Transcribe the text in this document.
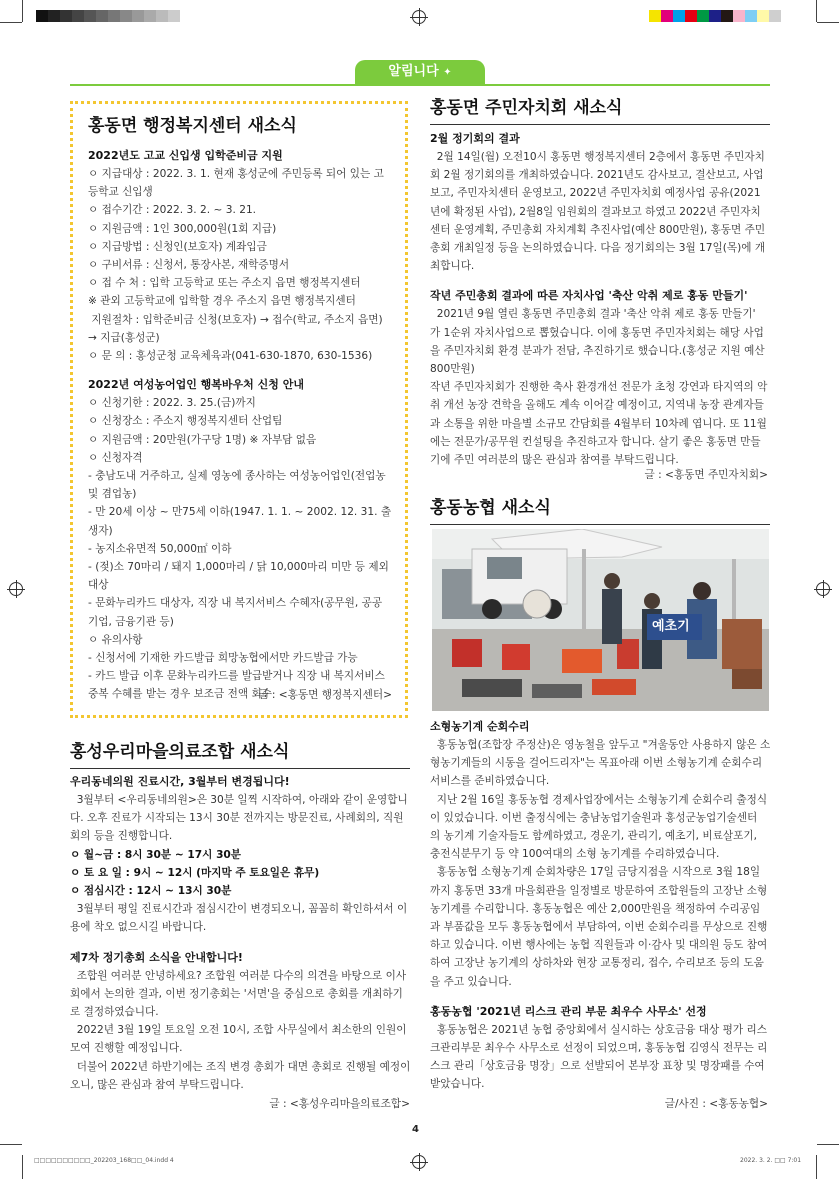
알림니다 ✦
홍동면 행정복지센터 새소식
2022년도 고교 신입생 입학준비금 지원

ㅇ 지급대상 : 2022. 3. 1. 현재 홍성군에 주민등록 되어 있는 고

등학교 신입생

ㅇ 접수기간 : 2022. 3. 2. ~ 3. 21.

ㅇ 지원금액 : 1인 300,000원(1회 지급)

ㅇ 지급방법 : 신청인(보호자) 계좌입금

ㅇ 구비서류 : 신청서, 통장사본, 재학증명서

ㅇ 접 수 처 : 입학 고등학교 또는 주소지 읍면 행정복지센터

※ 관외 고등학교에 입학할 경우 주소지 읍면 행정복지센터

지원절차 : 입학준비금 신청(보호자) → 접수(학교, 주소지 읍면)

→ 지급(홍성군)

ㅇ 문 의 : 홍성군청 교육체육과(041-630-1870, 630-1536)

2022년 여성농어업인 행복바우처 신청 안내

ㅇ 신청기한 : 2022. 3. 25.(금)까지

ㅇ 신청장소 : 주소지 행정복지센터 산업팀

ㅇ 지원금액 : 20만원(가구당 1명) ※ 자부담 없음

ㅇ 신청자격

- 충남도내 거주하고, 실제 영농에 종사하는 여성농어업인(전업농

및 겸업농)

- 만 20세 이상 ~ 만75세 이하(1947. 1. 1. ~ 2002. 12. 31. 출

생자)

- 농지소유면적 50,000㎡ 이하

- (젖)소 70마리 / 돼지 1,000마리 / 닭 10,000마리 미만 등 제외

대상

- 문화누리카드 대상자, 직장 내 복지서비스 수혜자(공무원, 공공

기업, 금융기관 등)

ㅇ 유의사항

- 신청서에 기재한 카드발급 희망농협에서만 카드발급 가능

- 카드 발급 이후 문화누리카드를 발급받거나 직장 내 복지서비스

중복 수혜를 받는 경우 보조금 전액 회수

글 : <홍동면 행정복지센터>
홍성우리마을의료조합 새소식
우리동네의원 진료시간, 3월부터 변경됩니다!

3월부터 <우리동네의원>은 30분 일찍 시작하여, 아래와 같이 운영합니

다. 오후 진료가 시작되는 13시 30분 전까지는 방문진료, 사례회의, 직원

회의 등을 진행합니다.

ㅇ 월~금 : 8시 30분 ~ 17시 30분

ㅇ 토 요 일 : 9시 ~ 12시 (마지막 주 토요일은 휴무)

ㅇ 점심시간 : 12시 ~ 13시 30분

3월부터 평일 진료시간과 점심시간이 변경되오니, 꼼꼼히 확인하셔서 이

용에 착오 없으시길 바랍니다.

제7차 정기총회 소식을 안내합니다!

조합원 여러분 안녕하세요? 조합원 여러분 다수의 의견을 바탕으로 이사

회에서 논의한 결과, 이번 정기총회는 '서면'을 중심으로 총회를 개최하기

로 결정하였습니다.

2022년 3월 19일 토요일 오전 10시, 조합 사무실에서 최소한의 인원이

모여 진행할 예정입니다.

더불어 2022년 하반기에는 조직 변경 총회가 대면 총회로 진행될 예정이

오니, 많은 관심과 참여 부탁드립니다.

글 : <홍성우리마을의료조합>
홍동면 주민자치회 새소식
2월 정기회의 결과

2월 14일(월) 오전10시 홍동면 행정복지센터 2층에서 홍동면 주민자치

회 2월 정기회의를 개최하였습니다. 2021년도 감사보고, 결산보고, 사업

보고, 주민자치센터 운영보고, 2022년 주민자치회 예정사업 공유(2021

년에 확정된 사업), 2월8일 임원회의 결과보고 하였고 2022년 주민자치

센터 운영계획, 주민총회 자치계획 추진사업(예산 800만원), 홍동면 주민

총회 개최일정 등을 논의하였습니다. 다음 정기회의는 3월 17일(목)에 개

최합니다.

작년 주민총회 결과에 따른 자치사업 '축산 악취 제로 홍동 만들기'

2021년 9월 열린 홍동면 주민총회 결과 '축산 악취 제로 홍동 만들기'

가 1순위 자치사업으로 뽑혔습니다. 이에 홍동면 주민자치회는 해당 사업

을 주민자치회 환경 분과가 전담, 추진하기로 했습니다.(홍성군 지원 예산

800만원)

작년 주민자치회가 진행한 축사 환경개선 전문가 초청 강연과 타지역의 악

취 개선 농장 견학을 올해도 계속 이어갈 예정이고, 지역내 농장 관계자들

과 소통을 위한 마을별 소규모 간담회를 4월부터 10차례 엽니다. 또 11월

에는 전문가/공무원 컨설팅을 추진하고자 합니다. 살기 좋은 홍동면 만들

기에 주민 여러분의 많은 관심과 참여를 부탁드립니다.

글 : <홍동면 주민자치회>
홍동농협 새소식
예초기
소형농기계 순회수리

홍동농협(조합장 주정산)은 영농철을 앞두고 "겨울동안 사용하지 않은 소

형농기계들의 시동을 걸어드리자"는 목표아래 이번 소형농기계 순회수리

서비스를 준비하였습니다.

지난 2월 16일 홍동농협 경제사업장에서는 소형농기계 순회수리 출정식

이 있었습니다. 이번 출정식에는 충남농업기술원과 홍성군농업기술센터

의 농기계 기술자들도 함께하였고, 경운기, 관리기, 예초기, 비료살포기,

충전식분무기 등 약 100여대의 소형 농기계를 수리하였습니다.

홍동농협 소형농기계 순회차량은 17일 금당지점을 시작으로 3월 18일

까지 홍동면 33개 마을회관을 일정별로 방문하여 조합원들의 고장난 소형

농기계를 수리합니다. 홍동농협은 예산 2,000만원을 책정하여 수리공임

과 부품값을 모두 홍동농협에서 부담하여, 이번 순회수리를 무상으로 진행

하고 있습니다. 이번 행사에는 농협 직원들과 이·감사 및 대의원 등도 참여

하여 고장난 농기계의 상하차와 현장 교통정리, 접수, 수리보조 등의 도움

을 주고 있습니다.

홍동농협 '2021년 리스크 관리 부문 최우수 사무소' 선정

홍동농협은 2021년 농협 중앙회에서 실시하는 상호금융 대상 평가 리스

크관리부문 최우수 사무소로 선정이 되었으며, 홍동농협 김영식 전무는 리

스크 관리「상호금융 명장」으로 선발되어 본부장 표창 및 명장패를 수여

받았습니다.

글/사진 : <홍동농협>
4
□□□□□□□□□□_202203_168□□_04.indd 4	2022. 3. 2. □□ 7:01
